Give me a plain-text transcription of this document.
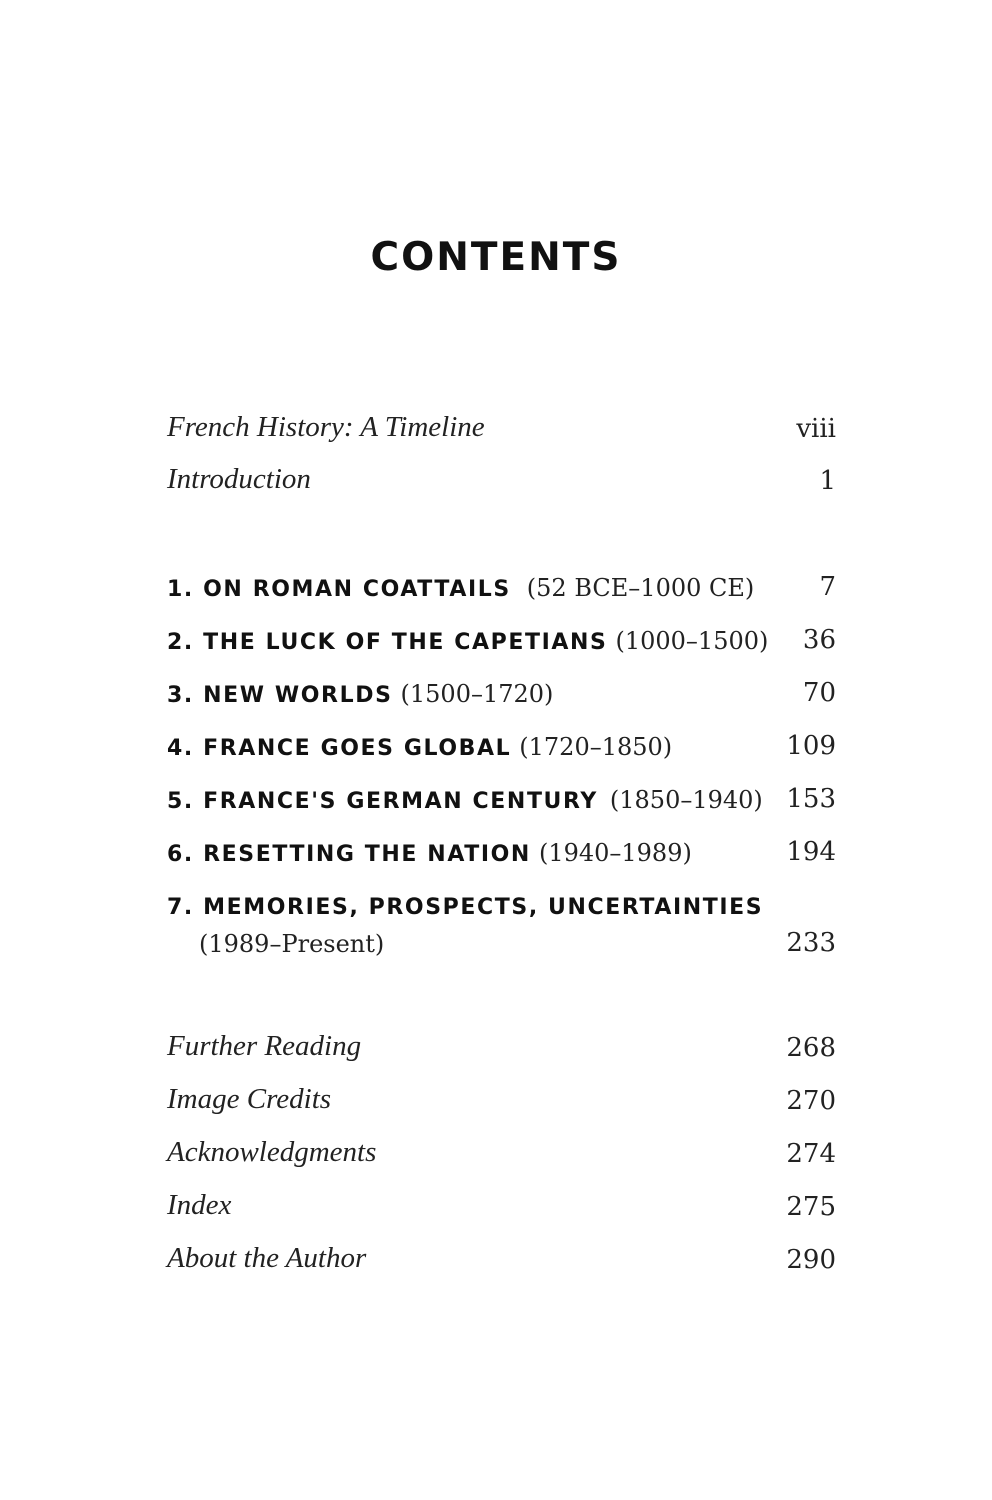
CONTENTS
French History: A Timeline	viii
Introduction	1
1. ON ROMAN COATTAILS (52 BCE–1000 CE)	7
2. THE LUCK OF THE CAPETIANS (1000–1500) 36
3. NEW WORLDS (1500–1720)	70
4. FRANCE GOES GLOBAL (1720–1850)	109
5. FRANCE'S GERMAN CENTURY (1850–1940) 153
6. RESETTING THE NATION (1940–1989)	194
7. MEMORIES, PROSPECTS, UNCERTAINTIES
(1989–Present)	233
Further Reading	268
Image Credits	270
Acknowledgments	274
Index	275
About the Author	290
